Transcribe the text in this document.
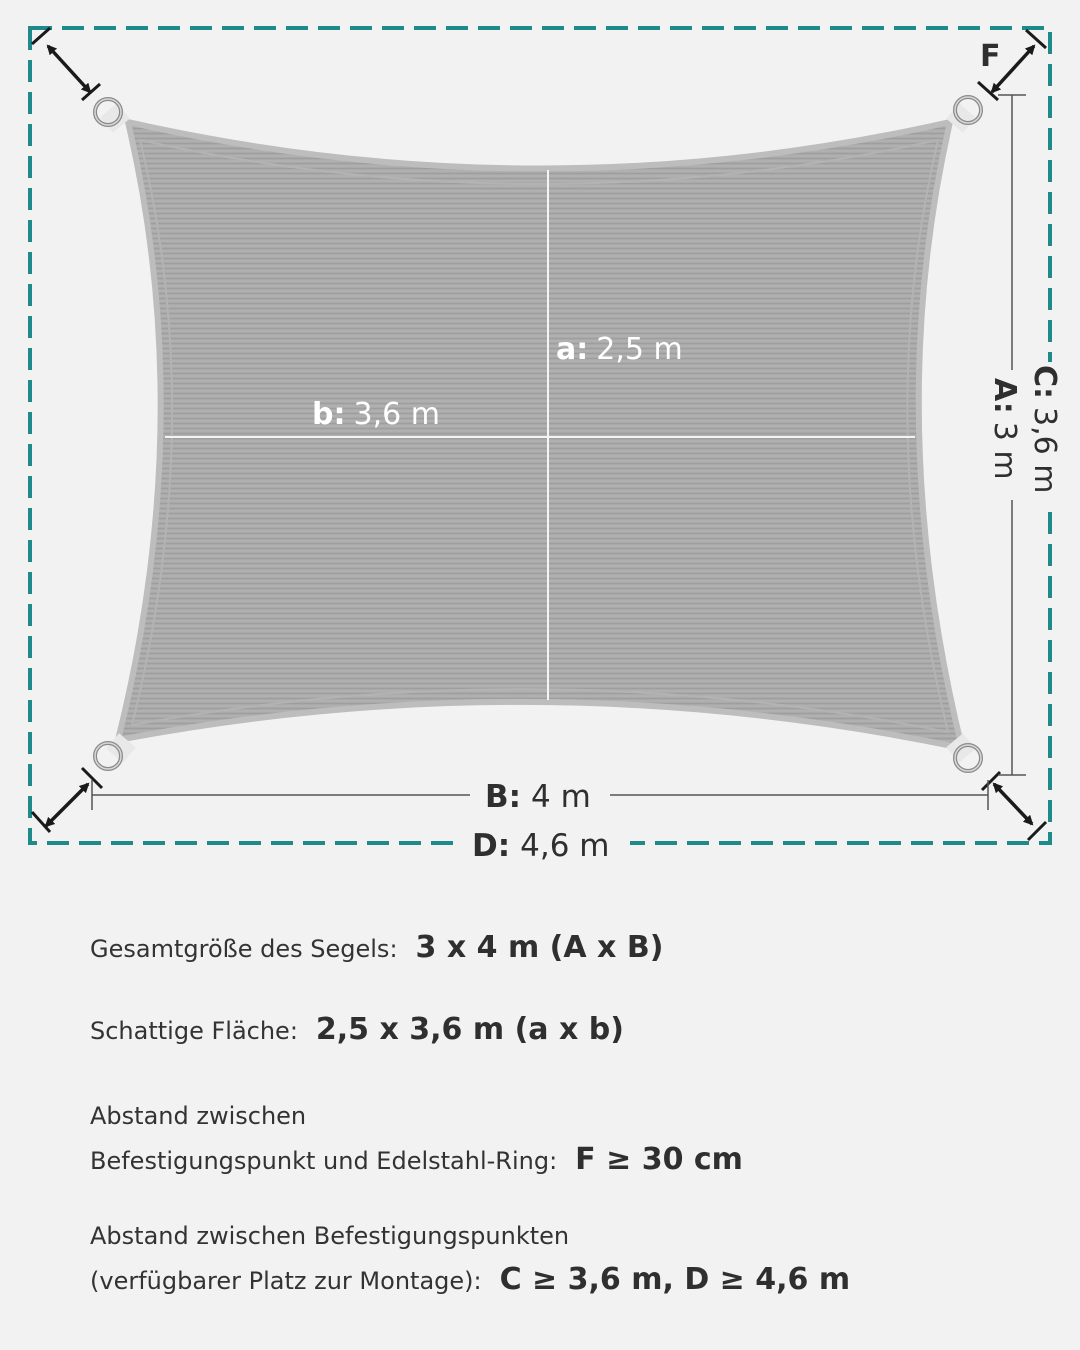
a: 2,5 m
b: 3,6 m
B: 4 m
D: 4,6 m
F
C:3,6 m
A:3 m
Gesamtgröße des Segels: 3 x 4 m (A x B)
Schattige Fläche: 2,5 x 3,6 m (a x b)
Abstand zwischen
Befestigungspunkt und Edelstahl-Ring: F ≥ 30 cm
Abstand zwischen Befestigungspunkten
(verfügbarer Platz zur Montage): C ≥ 3,6 m, D ≥ 4,6 m
